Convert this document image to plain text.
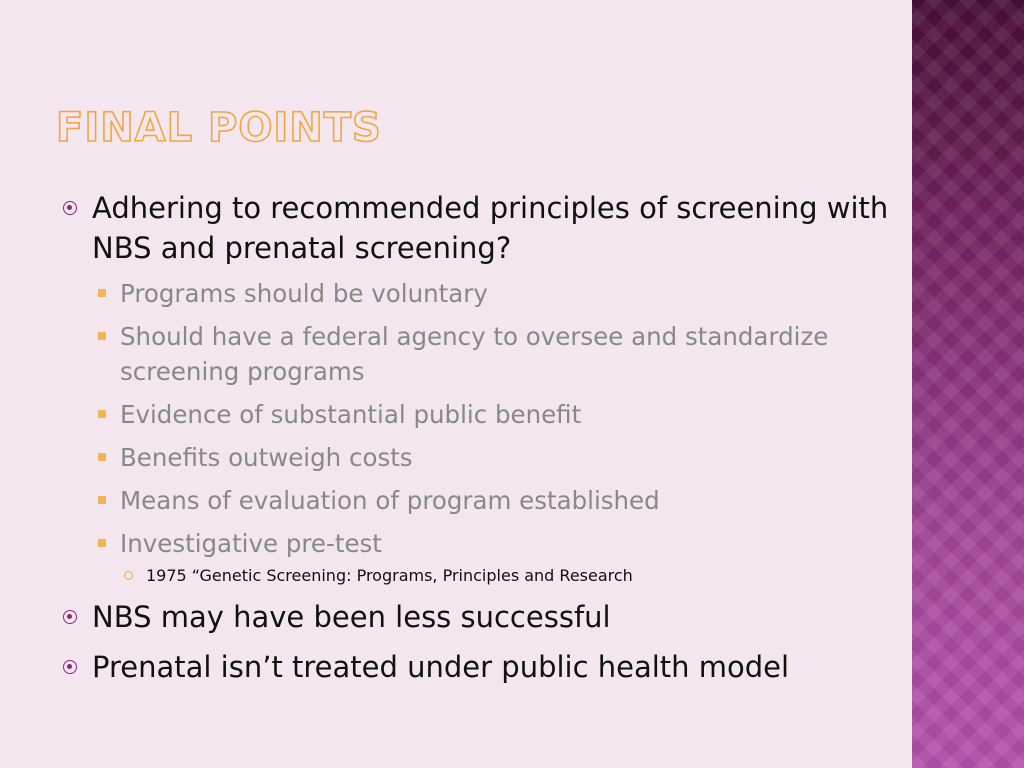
FINAL POINTS
Adhering to recommended principles of screening with NBS and prenatal screening?
Programs should be voluntary
Should have a federal agency to oversee and standardize screening programs
Evidence of substantial public benefit
Benefits outweigh costs
Means of evaluation of program established
Investigative pre-test
1975 “Genetic Screening: Programs, Principles and Research
NBS may have been less successful
Prenatal isn’t treated under public health model
